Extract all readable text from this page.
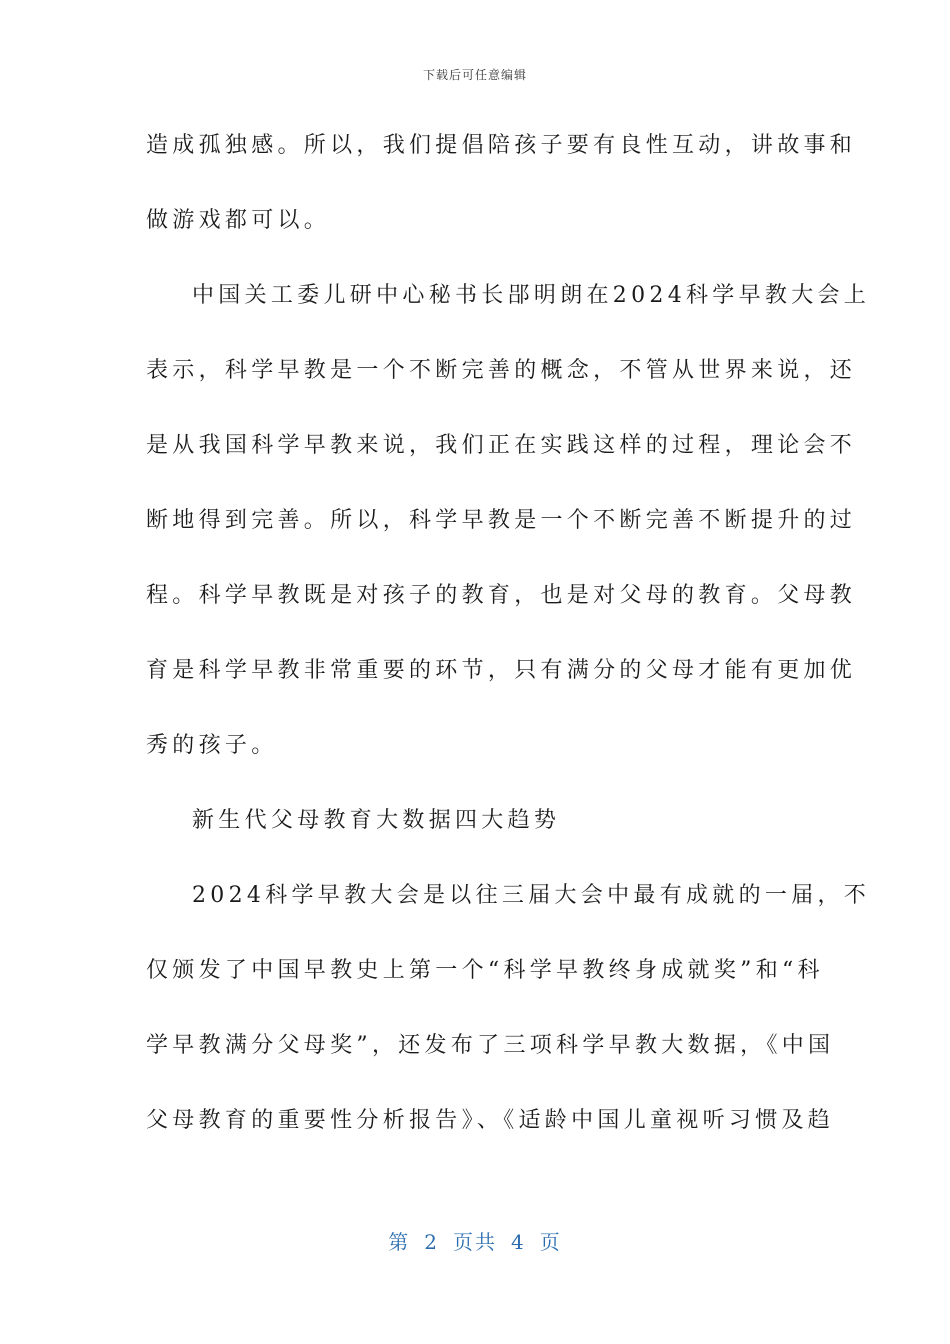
下载后可任意编辑
造成孤独感。所以，我们提倡陪孩子要有良性互动，讲故事和
做游戏都可以。
中国关工委儿研中心秘书长郘明朗在2024科学早教大会上
表示，科学早教是一个不断完善的概念，不管从世界来说，还
是从我国科学早教来说，我们正在实践这样的过程，理论会不
断地得到完善。所以，科学早教是一个不断完善不断提升的过
程。科学早教既是对孩子的教育，也是对父母的教育。父母教
育是科学早教非常重要的环节，只有满分的父母才能有更加优
秀的孩子。
新生代父母教育大数据四大趋势
2024科学早教大会是以往三届大会中最有成就的一届，不
仅颁发了中国早教史上第一个“科学早教终身成就奖”和“科
学早教满分父母奖”，还发布了三项科学早教大数据，《中国
父母教育的重要性分析报告》、《适龄中国儿童视听习惯及趋
第 2 页共 4 页
